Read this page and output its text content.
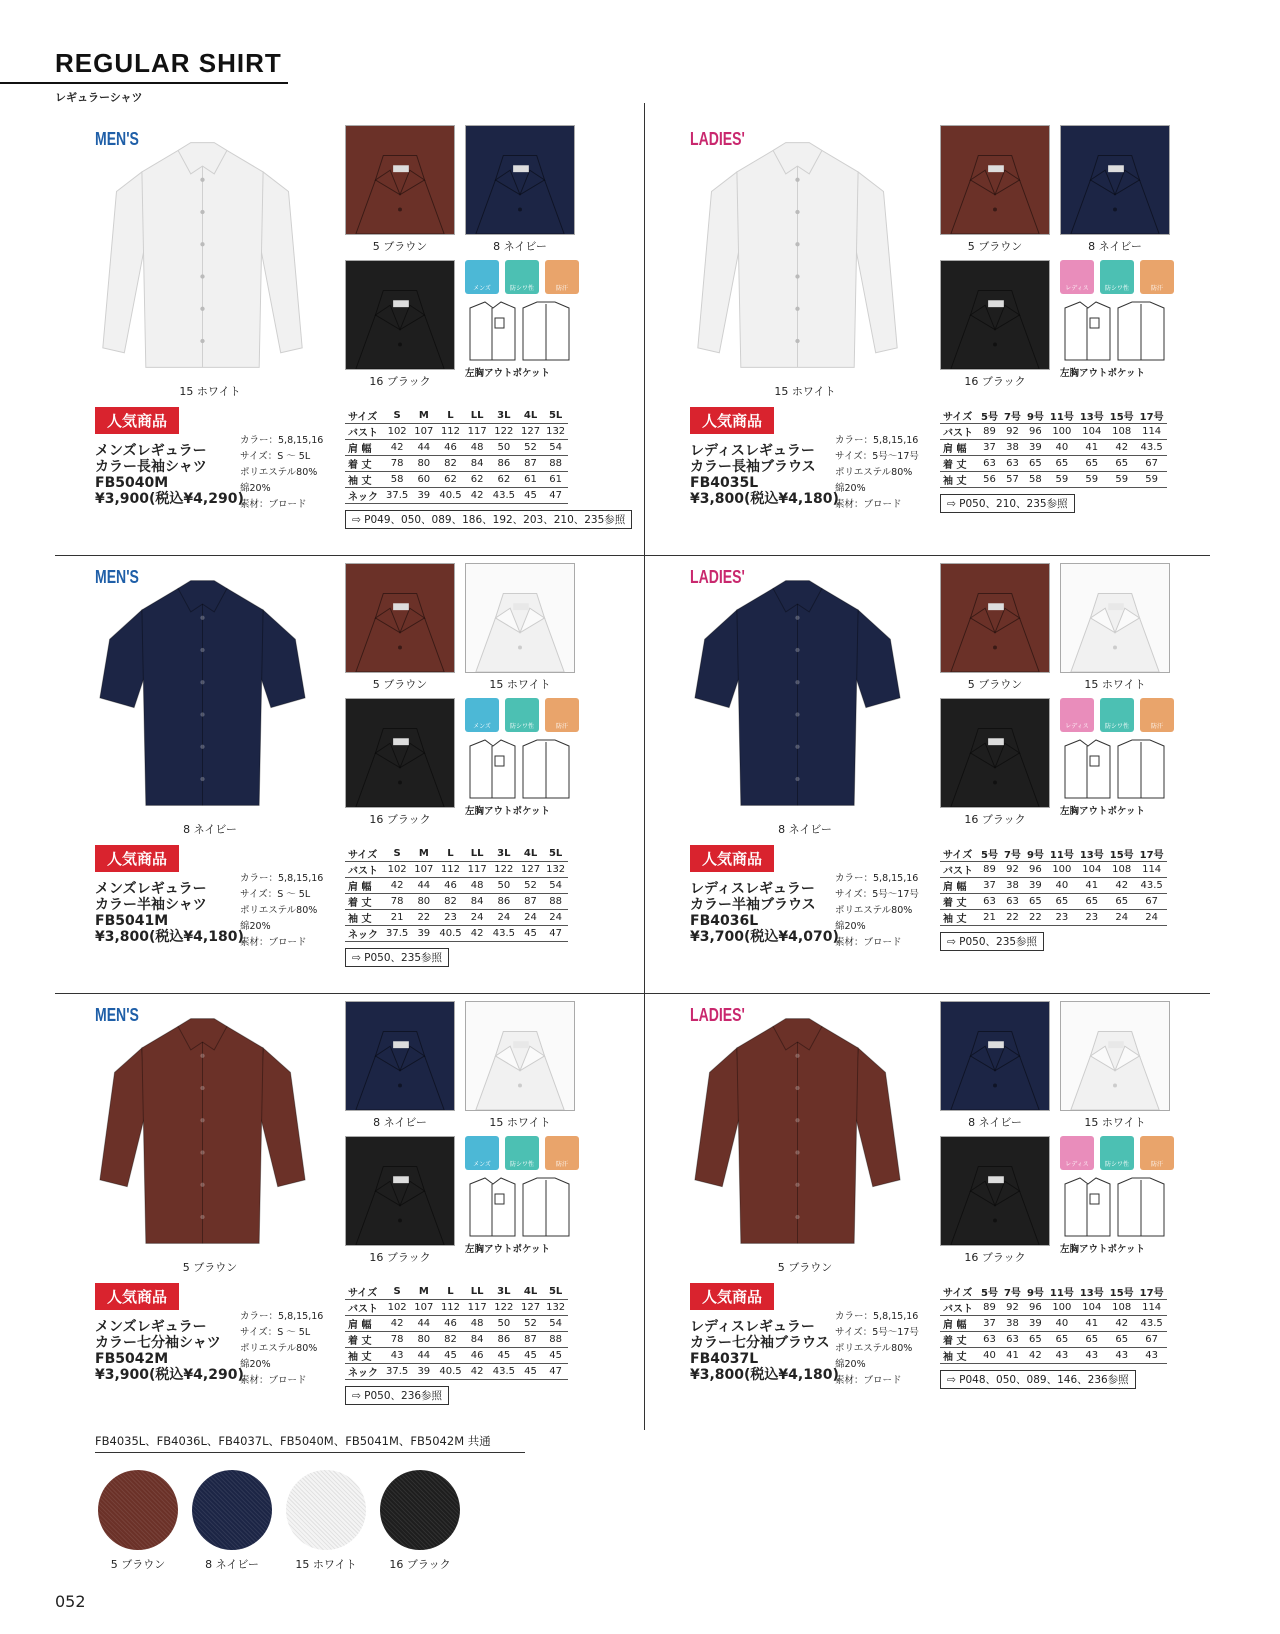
REGULAR SHIRT
レギュラーシャツ
MEN'S
15 ホワイト
5 ブラウン	8 ネイビー
16 ブラック
メンズ	防シワ性	防汗
左胸アウトポケット
人気商品
メンズレギュラー
カラー長袖シャツ
FB5040M
¥3,900(税込¥4,290)
カラー：5,8,15,16
サイズ：S ～ 5L
ポリエステル80%
綿20%
素材：ブロード
サイズ	S	M	L	LL	3L	4L	5L
バスト	102	107	112	117	122	127	132
肩 幅	42	44	46	48	50	52	54
着 丈	78	80	82	84	86	87	88
袖 丈	58	60	62	62	62	61	61
ネック	37.5	39	40.5	42	43.5	45	47
⇨ P049、050、089、186、192、203、210、235参照
LADIES'
15 ホワイト
5 ブラウン	8 ネイビー
16 ブラック
レディス	防シワ性	防汗
左胸アウトポケット
人気商品
レディスレギュラー
カラー長袖ブラウス
FB4035L
¥3,800(税込¥4,180)
カラー：5,8,15,16
サイズ：5号～17号
ポリエステル80%
綿20%
素材：ブロード
サイズ	5号	7号	9号	11号	13号	15号	17号
バスト	89	92	96	100	104	108	114
肩 幅	37	38	39	40	41	42	43.5
着 丈	63	63	65	65	65	65	67
袖 丈	56	57	58	59	59	59	59
⇨ P050、210、235参照
MEN'S
8 ネイビー
5 ブラウン	15 ホワイト
16 ブラック
メンズ	防シワ性	防汗
左胸アウトポケット
人気商品
メンズレギュラー
カラー半袖シャツ
FB5041M
¥3,800(税込¥4,180)
カラー：5,8,15,16
サイズ：S ～ 5L
ポリエステル80%
綿20%
素材：ブロード
サイズ	S	M	L	LL	3L	4L	5L
バスト	102	107	112	117	122	127	132
肩 幅	42	44	46	48	50	52	54
着 丈	78	80	82	84	86	87	88
袖 丈	21	22	23	24	24	24	24
ネック	37.5	39	40.5	42	43.5	45	47
⇨ P050、235参照
LADIES'
8 ネイビー
5 ブラウン	15 ホワイト
16 ブラック
レディス	防シワ性	防汗
左胸アウトポケット
人気商品
レディスレギュラー
カラー半袖ブラウス
FB4036L
¥3,700(税込¥4,070)
カラー：5,8,15,16
サイズ：5号～17号
ポリエステル80%
綿20%
素材：ブロード
サイズ	5号	7号	9号	11号	13号	15号	17号
バスト	89	92	96	100	104	108	114
肩 幅	37	38	39	40	41	42	43.5
着 丈	63	63	65	65	65	65	67
袖 丈	21	22	22	23	23	24	24
⇨ P050、235参照
MEN'S
5 ブラウン
8 ネイビー	15 ホワイト
16 ブラック
メンズ	防シワ性	防汗
左胸アウトポケット
人気商品
メンズレギュラー
カラー七分袖シャツ
FB5042M
¥3,900(税込¥4,290)
カラー：5,8,15,16
サイズ：S ～ 5L
ポリエステル80%
綿20%
素材：ブロード
サイズ	S	M	L	LL	3L	4L	5L
バスト	102	107	112	117	122	127	132
肩 幅	42	44	46	48	50	52	54
着 丈	78	80	82	84	86	87	88
袖 丈	43	44	45	46	45	45	45
ネック	37.5	39	40.5	42	43.5	45	47
⇨ P050、236参照
LADIES'
5 ブラウン
8 ネイビー	15 ホワイト
16 ブラック
レディス	防シワ性	防汗
左胸アウトポケット
人気商品
レディスレギュラー
カラー七分袖ブラウス
FB4037L
¥3,800(税込¥4,180)
カラー：5,8,15,16
サイズ：5号～17号
ポリエステル80%
綿20%
素材：ブロード
サイズ	5号	7号	9号	11号	13号	15号	17号
バスト	89	92	96	100	104	108	114
肩 幅	37	38	39	40	41	42	43.5
着 丈	63	63	65	65	65	65	67
袖 丈	40	41	42	43	43	43	43
⇨ P048、050、089、146、236参照
FB4035L、FB4036L、FB4037L、FB5040M、FB5041M、FB5042M 共通
5 ブラウン	8 ネイビー	15 ホワイト	16 ブラック
052
